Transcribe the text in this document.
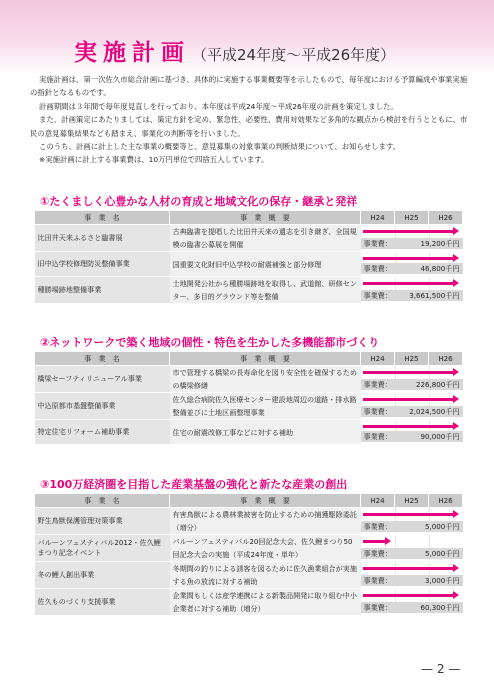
実施計画 （平成24年度〜平成26年度）

実施計画は、第一次佐久市総合計画に基づき、具体的に実施する事業概要等を示したもので、毎年度における予算編成や事業実施の指針となるものです。

計画期間は３年間で毎年度見直しを行っており、本年度は平成24年度〜平成26年度の計画を策定しました。

また、計画策定にあたりましては、策定方針を定め、緊急性、必要性、費用対効果など多角的な観点から検討を行うとともに、市民の意見募集結果なども踏まえ、事業化の判断等を行いました。

このうち、計画に計上した主な事業の概要等と、意見募集の対象事業の判断結果について、お知らせします。

※実施計画に計上する事業費は、10万円単位で四捨五入しています。

①たくましく心豊かな人材の育成と地域文化の保存・継承と発祥
事　業　名	事　業　概　要	H24	H25	H26
比田井天来ふるさと臨書展	古典臨書を提唱した比田井天来の遺志を引き継ぎ、全国規模の臨書公募展を開催	事業費： 19,200千円		

旧中込学校修理防災整備事業	国重要文化財旧中込学校の耐震補強と部分修理	事業費： 46,800千円		

種勝場跡地整備事業	土地開発公社から種勝場跡地を取得し、武道館、研修センター、多目的グラウンド等を整備	事業費： 3,661,500千円		
②ネットワークで築く地域の個性・特色を生かした多機能都市づくり
事　業　名	事　業　概　要	H24	H25	H26
橋梁セーフティリニューアル事業	市で管理する橋梁の長寿命化を図り安全性を確保するための橋梁修繕	事業費： 226,800千円		

中込原都市基盤整備事業	佐久総合病院佐久医療センター建設地周辺の道路・排水路整備並びに土地区画整理事業	事業費： 2,024,500千円		

特定住宅リフォーム補助事業	住宅の耐震改修工事などに対する補助	事業費： 90,000千円		
③100万経済圏を目指した産業基盤の強化と新たな産業の創出
事　業　名	事　業　概　要	H24	H25	H26
野生鳥獣保護管理対策事業	有害鳥獣による農林業被害を防止するための捕獲駆除委託（増分）	事業費： 5,000千円		

バルーンフェスティバル2012・佐久鯉まつり記念イベント	バルーンフェスティバル20回記念大会、佐久鯉まつり50回記念大会の実施（平成24年度・単年）	事業費： 5,000千円		

冬の鯉人創出事業	冬期間の釣りによる誘客を図るために佐久漁業組合が実施する魚の放流に対する補助	事業費： 3,000千円		

佐久ものづくり支援事業	企業間もしくは産学連携による新製品開発に取り組む中小企業者に対する補助（増分）	事業費： 60,300千円		
— 2 —
